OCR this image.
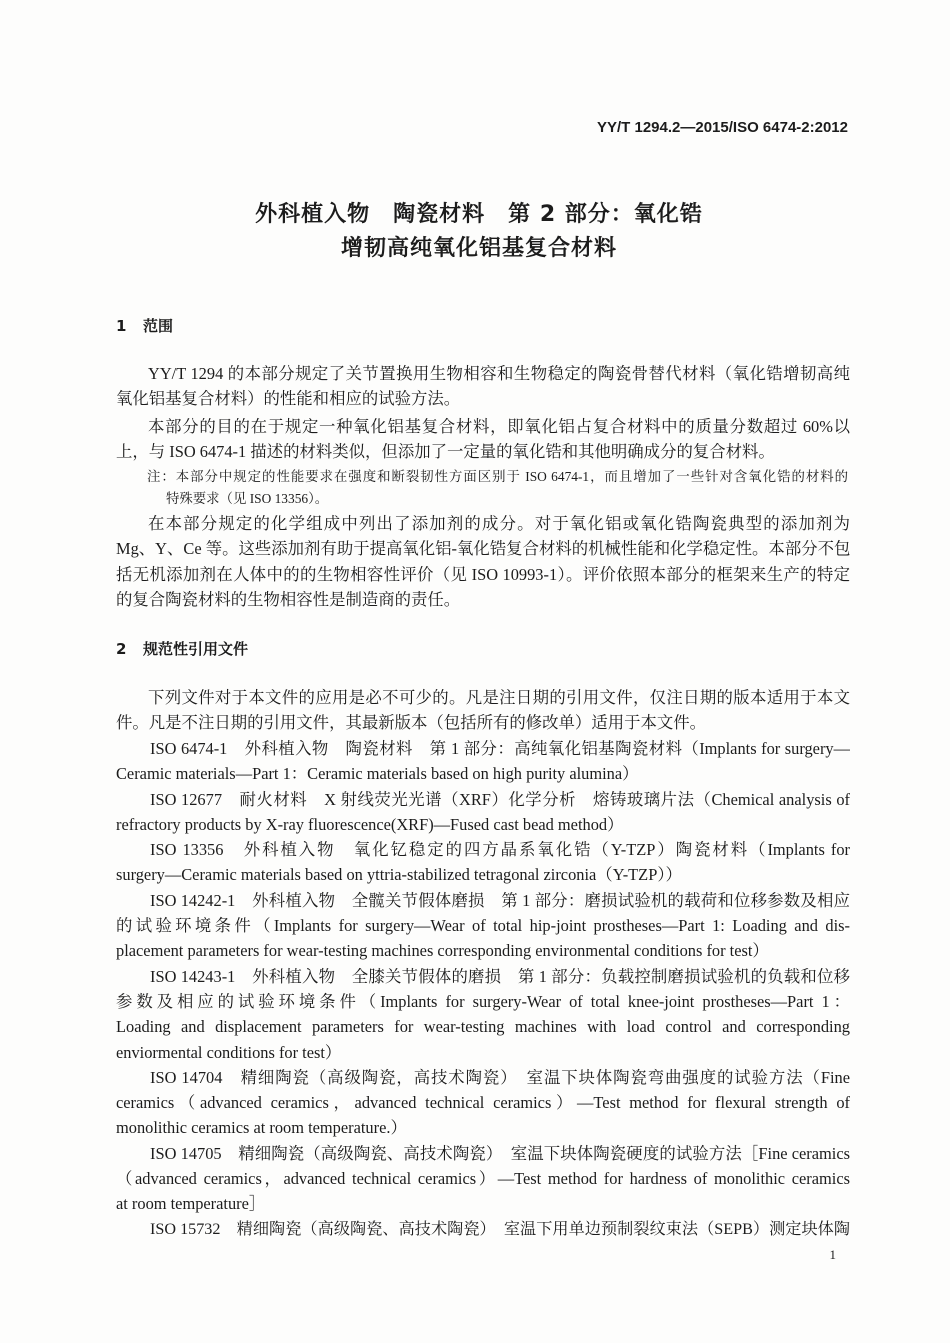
YY/T 1294.2—2015/ISO 6474-2:2012
外科植入物　陶瓷材料　第 2 部分：氧化锆
增韧高纯氧化铝基复合材料
1 范围
YY/T 1294 的本部分规定了关节置换用生物相容和生物稳定的陶瓷骨替代材料（氧化锆增韧高纯
氧化铝基复合材料）的性能和相应的试验方法。
本部分的目的在于规定一种氧化铝基复合材料，即氧化铝占复合材料中的质量分数超过 60%以
上，与 ISO 6474-1 描述的材料类似，但添加了一定量的氧化锆和其他明确成分的复合材料。
注：本部分中规定的性能要求在强度和断裂韧性方面区别于 ISO 6474-1，而且增加了一些针对含氧化锆的材料的
特殊要求（见 ISO 13356）。
在本部分规定的化学组成中列出了添加剂的成分。对于氧化铝或氧化锆陶瓷典型的添加剂为
Mg、Y、Ce 等。这些添加剂有助于提高氧化铝-氧化锆复合材料的机械性能和化学稳定性。本部分不包
括无机添加剂在人体中的的生物相容性评价（见 ISO 10993-1）。评价依照本部分的框架来生产的特定
的复合陶瓷材料的生物相容性是制造商的责任。
2 规范性引用文件
下列文件对于本文件的应用是必不可少的。凡是注日期的引用文件，仅注日期的版本适用于本文
件。凡是不注日期的引用文件，其最新版本（包括所有的修改单）适用于本文件。
ISO 6474-1　外科植入物　陶瓷材料　第 1 部分：高纯氧化铝基陶瓷材料（Implants for surgery—
Ceramic materials—Part 1：Ceramic materials based on high purity alumina）
ISO 12677　耐火材料　X 射线荧光光谱（XRF）化学分析　熔铸玻璃片法（Chemical analysis of
refractory products by X-ray fluorescence(XRF)—Fused cast bead method）
ISO 13356　外科植入物　氧化钇稳定的四方晶系氧化锆（Y-TZP）陶瓷材料（Implants for
surgery—Ceramic materials based on yttria-stabilized tetragonal zirconia（Y-TZP））
ISO 14242-1　外科植入物　全髋关节假体磨损　第 1 部分：磨损试验机的载荷和位移参数及相应
的试验环境条件（Implants for surgery—Wear of total hip-joint prostheses—Part 1: Loading and dis-
placement parameters for wear-testing machines corresponding environmental conditions for test）
ISO 14243-1　外科植入物　全膝关节假体的磨损　第 1 部分：负载控制磨损试验机的负载和位移
参数及相应的试验环境条件（Implants for surgery-Wear of total knee-joint prostheses—Part 1：
Loading and displacement parameters for wear-testing machines with load control and corresponding
enviormental conditions for test）
ISO 14704　精细陶瓷（高级陶瓷，高技术陶瓷）　室温下块体陶瓷弯曲强度的试验方法（Fine
ceramics（advanced ceramics，advanced technical ceramics）—Test method for flexural strength of
monolithic ceramics at room temperature.）
ISO 14705　精细陶瓷（高级陶瓷、高技术陶瓷）　室温下块体陶瓷硬度的试验方法［Fine ceramics
（advanced ceramics，advanced technical ceramics）—Test method for hardness of monolithic ceramics
at room temperature］
ISO 15732　精细陶瓷（高级陶瓷、高技术陶瓷）　室温下用单边预制裂纹束法（SEPB）测定块体陶
1
